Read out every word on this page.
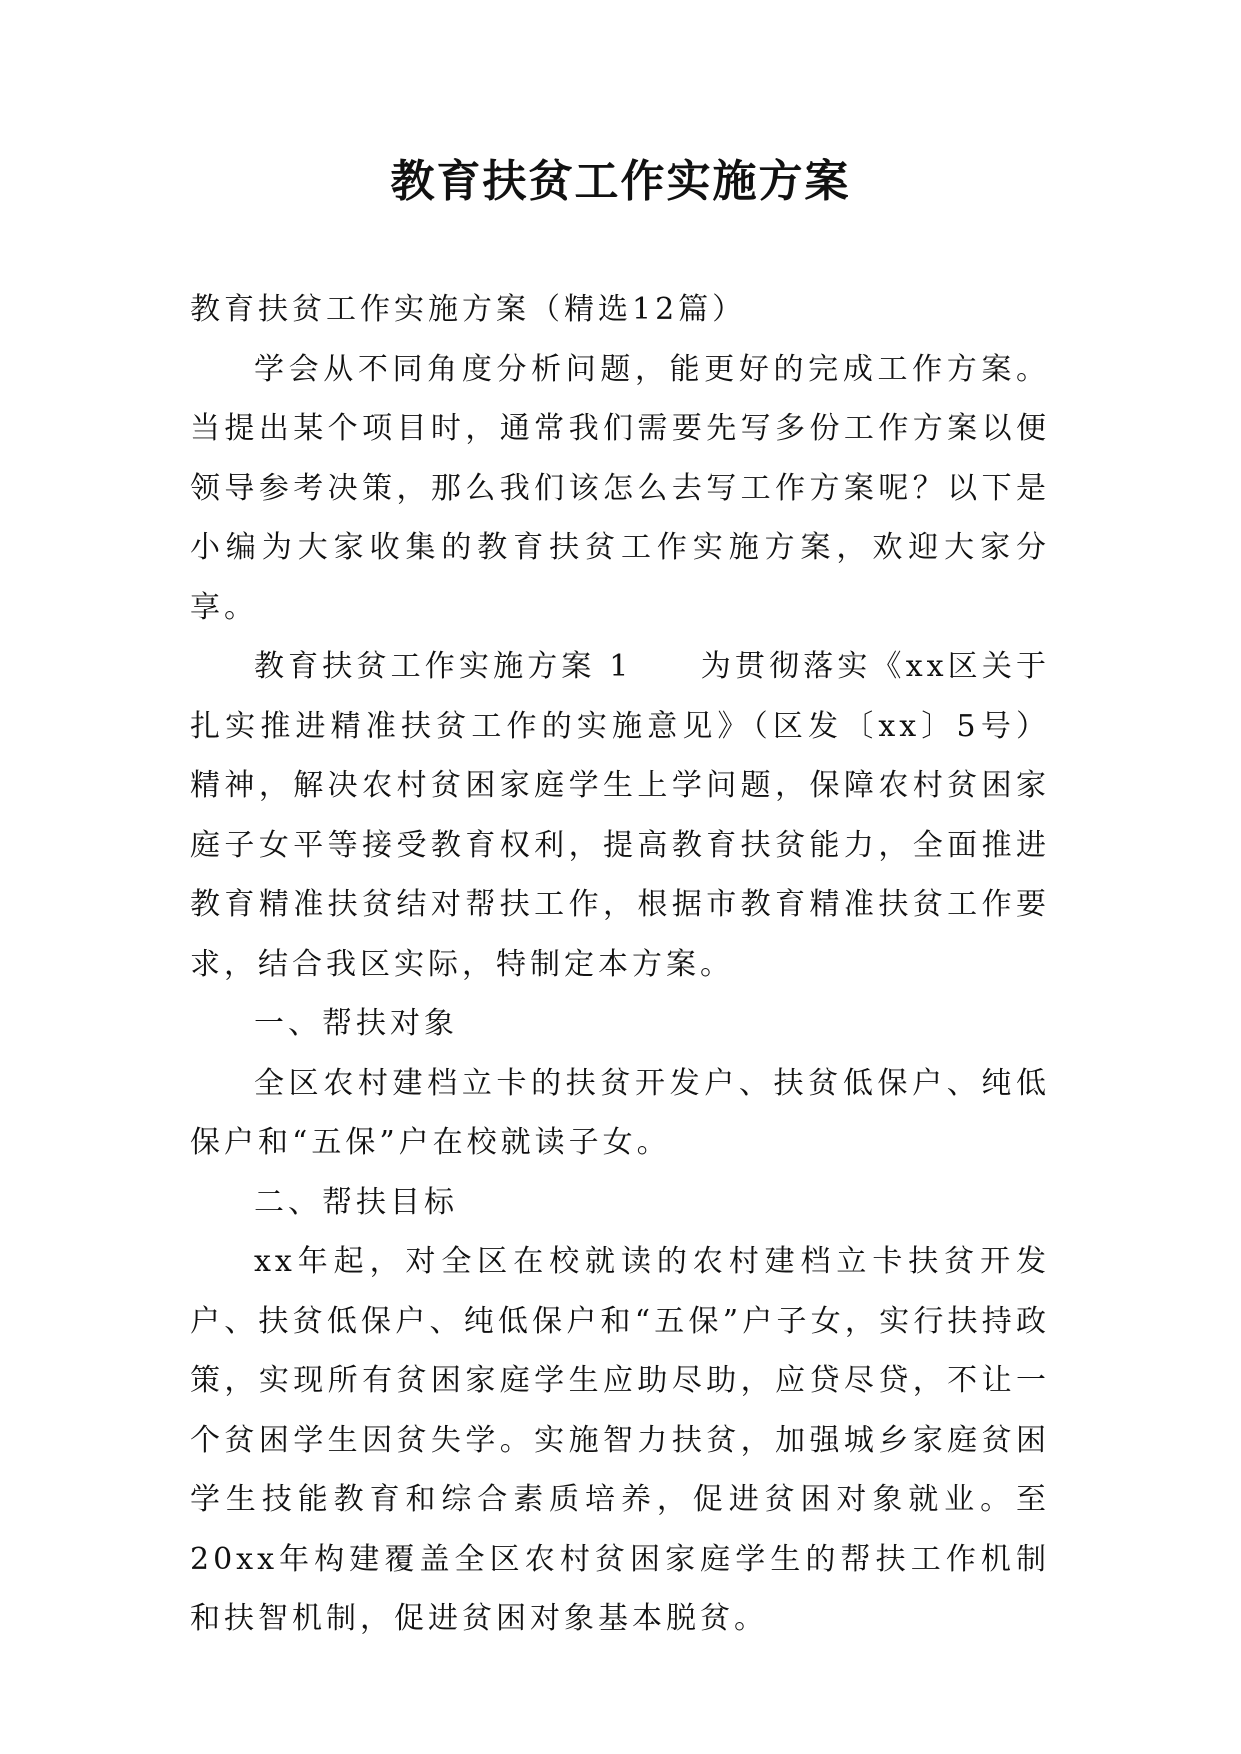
教育扶贫工作实施方案

教育扶贫工作实施方案（精选12篇）

学会从不同角度分析问题，能更好的完成工作方案。当提出某个项目时，通常我们需要先写多份工作方案以便领导参考决策，那么我们该怎么去写工作方案呢？以下是小编为大家收集的教育扶贫工作实施方案，欢迎大家分享。

教育扶贫工作实施方案 1　　为贯彻落实《xx区关于扎实推进精准扶贫工作的实施意见》（区发〔xx〕5号）精神，解决农村贫困家庭学生上学问题，保障农村贫困家庭子女平等接受教育权利，提高教育扶贫能力，全面推进教育精准扶贫结对帮扶工作，根据市教育精准扶贫工作要求，结合我区实际，特制定本方案。

一、帮扶对象

全区农村建档立卡的扶贫开发户、扶贫低保户、纯低保户和“五保”户在校就读子女。

二、帮扶目标

xx年起，对全区在校就读的农村建档立卡扶贫开发户、扶贫低保户、纯低保户和“五保”户子女，实行扶持政策，实现所有贫困家庭学生应助尽助，应贷尽贷，不让一个贫困学生因贫失学。实施智力扶贫，加强城乡家庭贫困学生技能教育和综合素质培养，促进贫困对象就业。至20xx年构建覆盖全区农村贫困家庭学生的帮扶工作机制和扶智机制，促进贫困对象基本脱贫。
